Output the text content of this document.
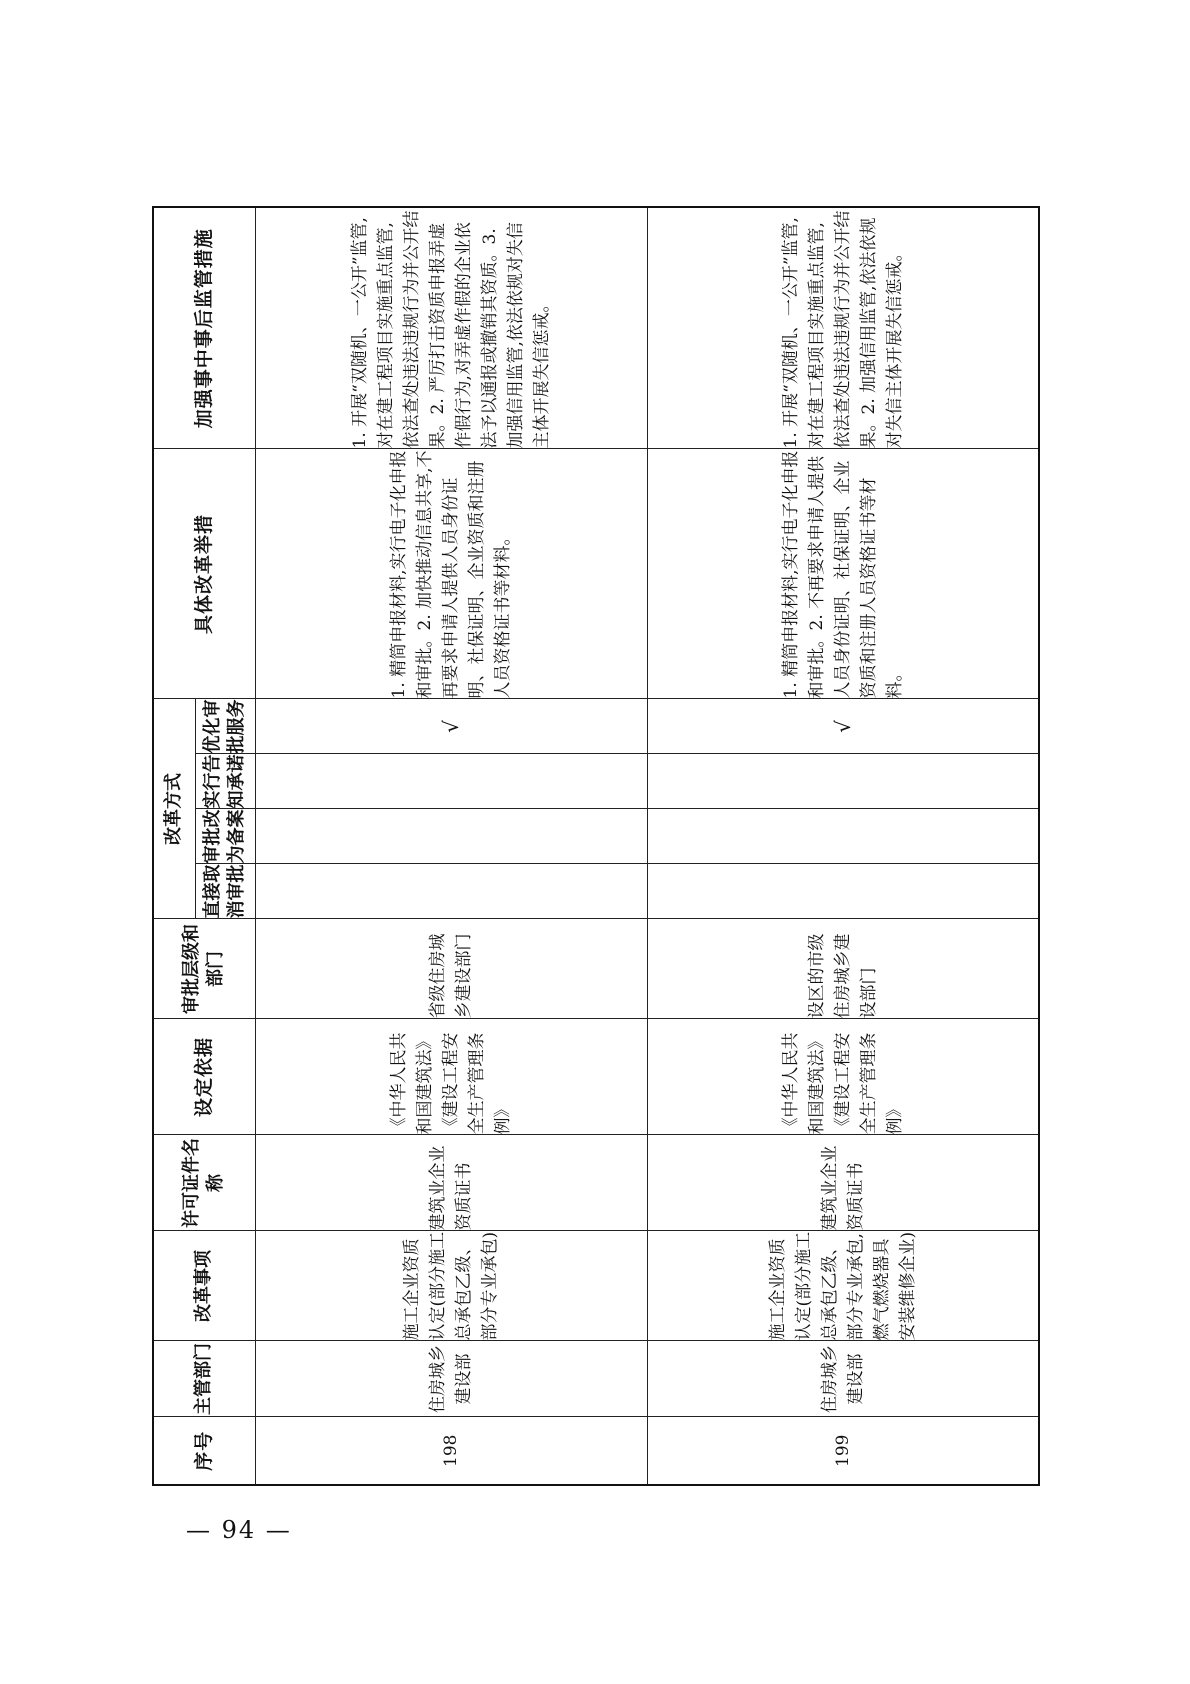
序号	主管部门	改革事项	许可证件名称	设定依据	审批层级和部门	改革方式				具体改革举措	加强事中事后监管措施
						直接取消审批	审批改为备案	实行告知承诺	优化审批服务		
198	住房城乡建设部	施工企业资质认定(部分施工总承包乙级、部分专业承包)	建筑业企业资质证书	《中华人民共和国建筑法》《建设工程安全生产管理条例》	省级住房城乡建设部门				√	1. 精简申报材料,实行电子化申报和审批。2. 加快推动信息共享,不再要求申请人提供人员身份证明、社保证明、企业资质和注册人员资格证书等材料。	1. 开展“双随机、一公开”监管,对在建工程项目实施重点监管,依法查处违法违规行为并公开结果。2. 严厉打击资质申报弄虚作假行为,对弄虚作假的企业依法予以通报或撤销其资质。3. 加强信用监管,依法依规对失信主体开展失信惩戒。
199	住房城乡建设部	施工企业资质认定(部分施工总承包乙级、部分专业承包,燃气燃烧器具安装维修企业)	建筑业企业资质证书	《中华人民共和国建筑法》《建设工程安全生产管理条例》	设区的市级住房城乡建设部门				√	1. 精简申报材料,实行电子化申报和审批。2. 不再要求申请人提供人员身份证明、社保证明、企业资质和注册人员资格证书等材料。	1. 开展“双随机、一公开”监管,对在建工程项目实施重点监管,依法查处违法违规行为并公开结果。2. 加强信用监管,依法依规对失信主体开展失信惩戒。
— 94 —
